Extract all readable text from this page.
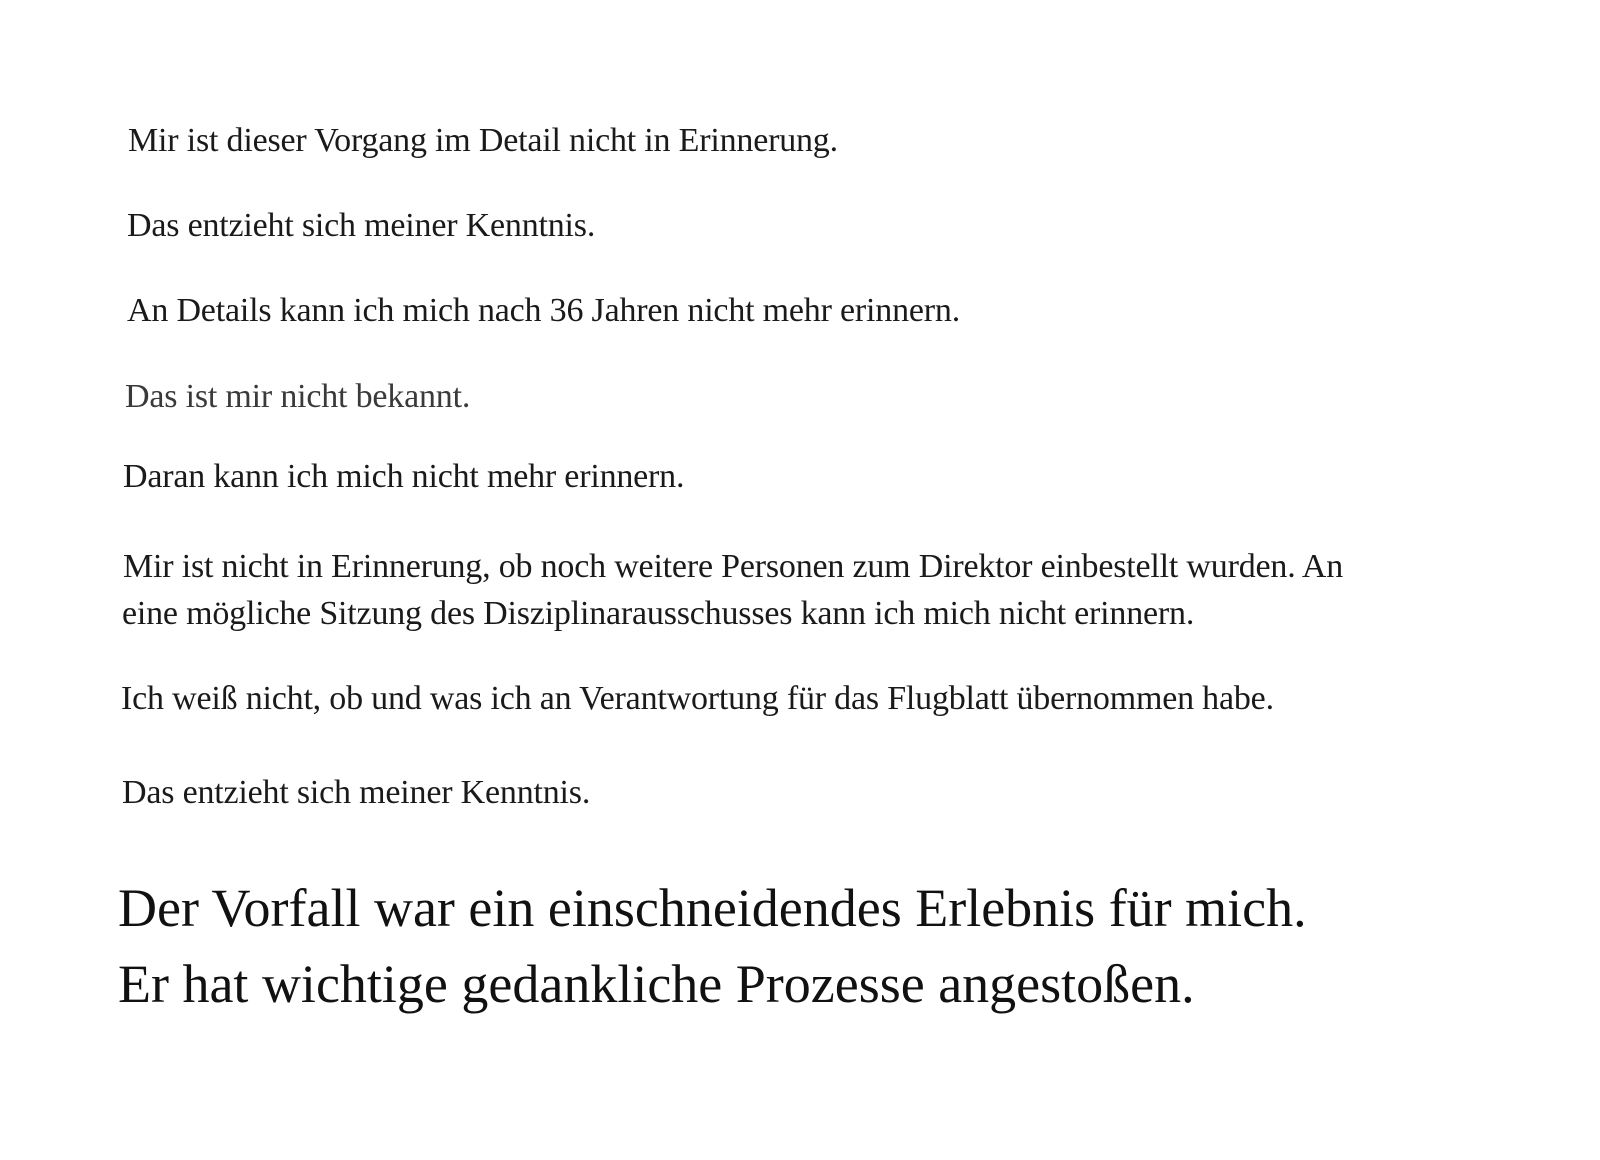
Mir ist dieser Vorgang im Detail nicht in Erinnerung.

Das entzieht sich meiner Kenntnis.

An Details kann ich mich nach 36 Jahren nicht mehr erinnern.

Das ist mir nicht bekannt.

Daran kann ich mich nicht mehr erinnern.

Mir ist nicht in Erinnerung, ob noch weitere Personen zum Direktor einbestellt wurden. An

eine mögliche Sitzung des Disziplinarausschusses kann ich mich nicht erinnern.

Ich weiß nicht, ob und was ich an Verantwortung für das Flugblatt übernommen habe.

Das entzieht sich meiner Kenntnis.

Der Vorfall war ein einschneidendes Erlebnis für mich.

Er hat wichtige gedankliche Prozesse angestoßen.
